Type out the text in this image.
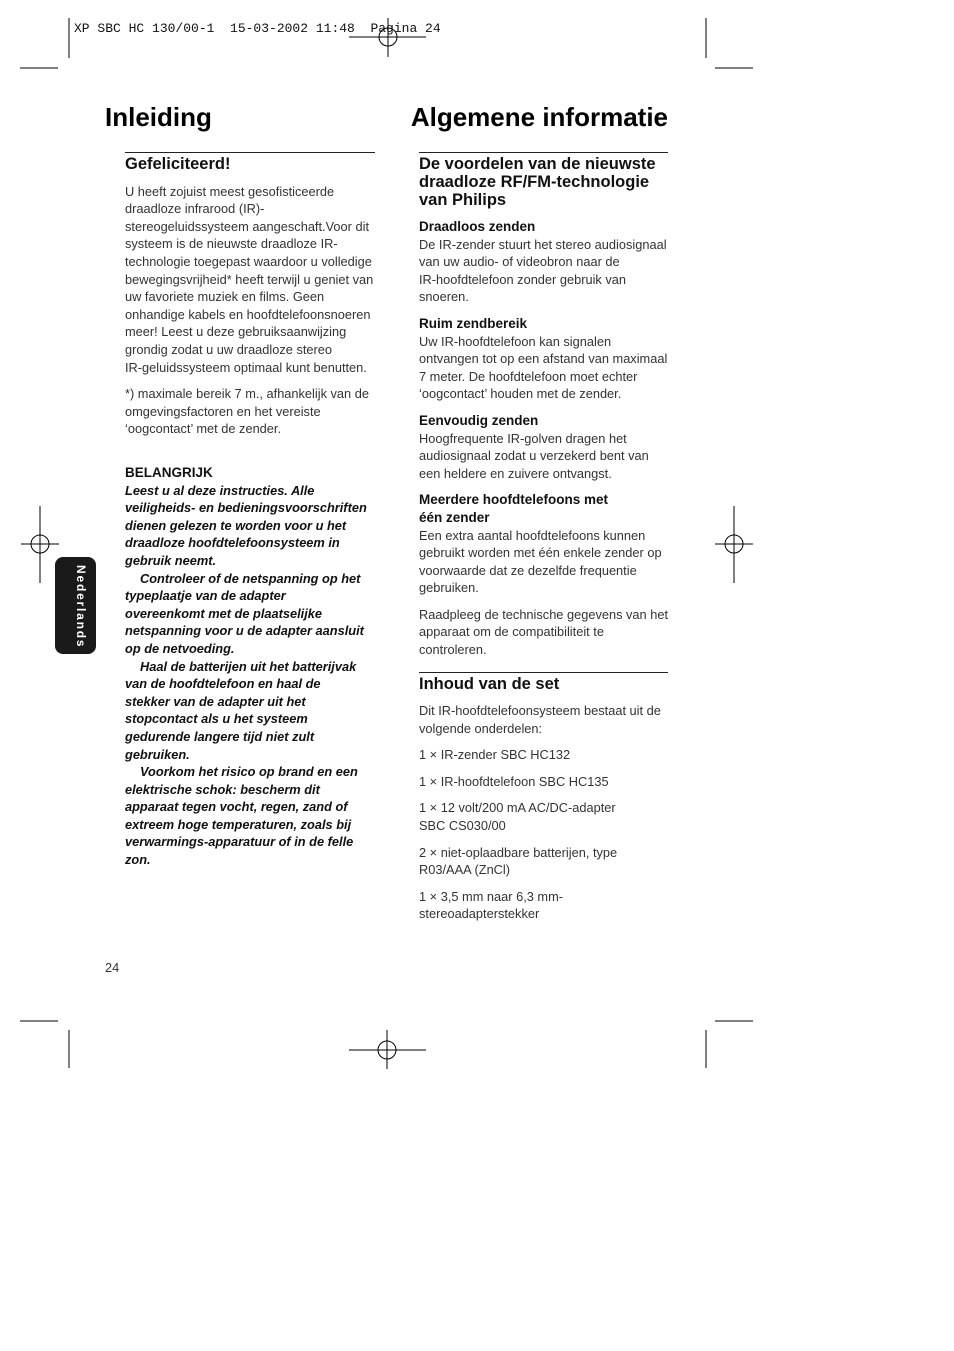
XP SBC HC 130/00-1  15-03-2002 11:48  Pagina 24
Inleiding	Algemene informatie
Nederlands
Gefeliciteerd!

U heeft zojuist meest gesofisticeerde
draadloze infrarood (IR)-
stereogeluidssysteem aangeschaft.Voor dit
systeem is de nieuwste draadloze IR-
technologie toegepast waardoor u volledige
bewegingsvrijheid* heeft terwijl u geniet van
uw favoriete muziek en films. Geen
onhandige kabels en hoofdtelefoonsnoeren
meer! Leest u deze gebruiksaanwijzing
grondig zodat u uw draadloze stereo
IR-geluidssysteem optimaal kunt benutten.

*) maximale bereik 7 m., afhankelijk van de
omgevingsfactoren en het vereiste
‘oogcontact’ met de zender.

BELANGRIJK

Leest u al deze instructies. Alle
veiligheids- en bedieningsvoorschriften
dienen gelezen te worden voor u het
draadloze hoofdtelefoonsysteem in
gebruik neemt.

Controleer of de netspanning op het
typeplaatje van de adapter
overeenkomt met de plaatselijke
netspanning voor u de adapter aansluit
op de netvoeding.

Haal de batterijen uit het batterijvak
van de hoofdtelefoon en haal de
stekker van de adapter uit het
stopcontact als u het systeem
gedurende langere tijd niet zult
gebruiken.

Voorkom het risico op brand en een
elektrische schok: bescherm dit
apparaat tegen vocht, regen, zand of
extreem hoge temperaturen, zoals bij
verwarmings-apparatuur of in de felle
zon.

De voordelen van de nieuwste
draadloze RF/FM-technologie
van Philips
Draadloos zenden

De IR-zender stuurt het stereo audiosignaal
van uw audio- of videobron naar de
IR-hoofdtelefoon zonder gebruik van
snoeren.

Ruim zendbereik

Uw IR-hoofdtelefoon kan signalen
ontvangen tot op een afstand van maximaal
7 meter. De hoofdtelefoon moet echter
‘oogcontact’ houden met de zender.

Eenvoudig zenden

Hoogfrequente IR-golven dragen het
audiosignaal zodat u verzekerd bent van
een heldere en zuivere ontvangst.

Meerdere hoofdtelefoons met
één zender

Een extra aantal hoofdtelefoons kunnen
gebruikt worden met één enkele zender op
voorwaarde dat ze dezelfde frequentie
gebruiken.

Raadpleeg de technische gegevens van het
apparaat om de compatibiliteit te
controleren.

Inhoud van de set

Dit IR-hoofdtelefoonsysteem bestaat uit de
volgende onderdelen:

1 × IR-zender SBC HC132

1 × IR-hoofdtelefoon SBC HC135

1 × 12 volt/200 mA AC/DC-adapter
SBC CS030/00

2 × niet-oplaadbare batterijen, type
R03/AAA (ZnCl)

1 × 3,5 mm naar 6,3 mm-
stereoadapterstekker

24
